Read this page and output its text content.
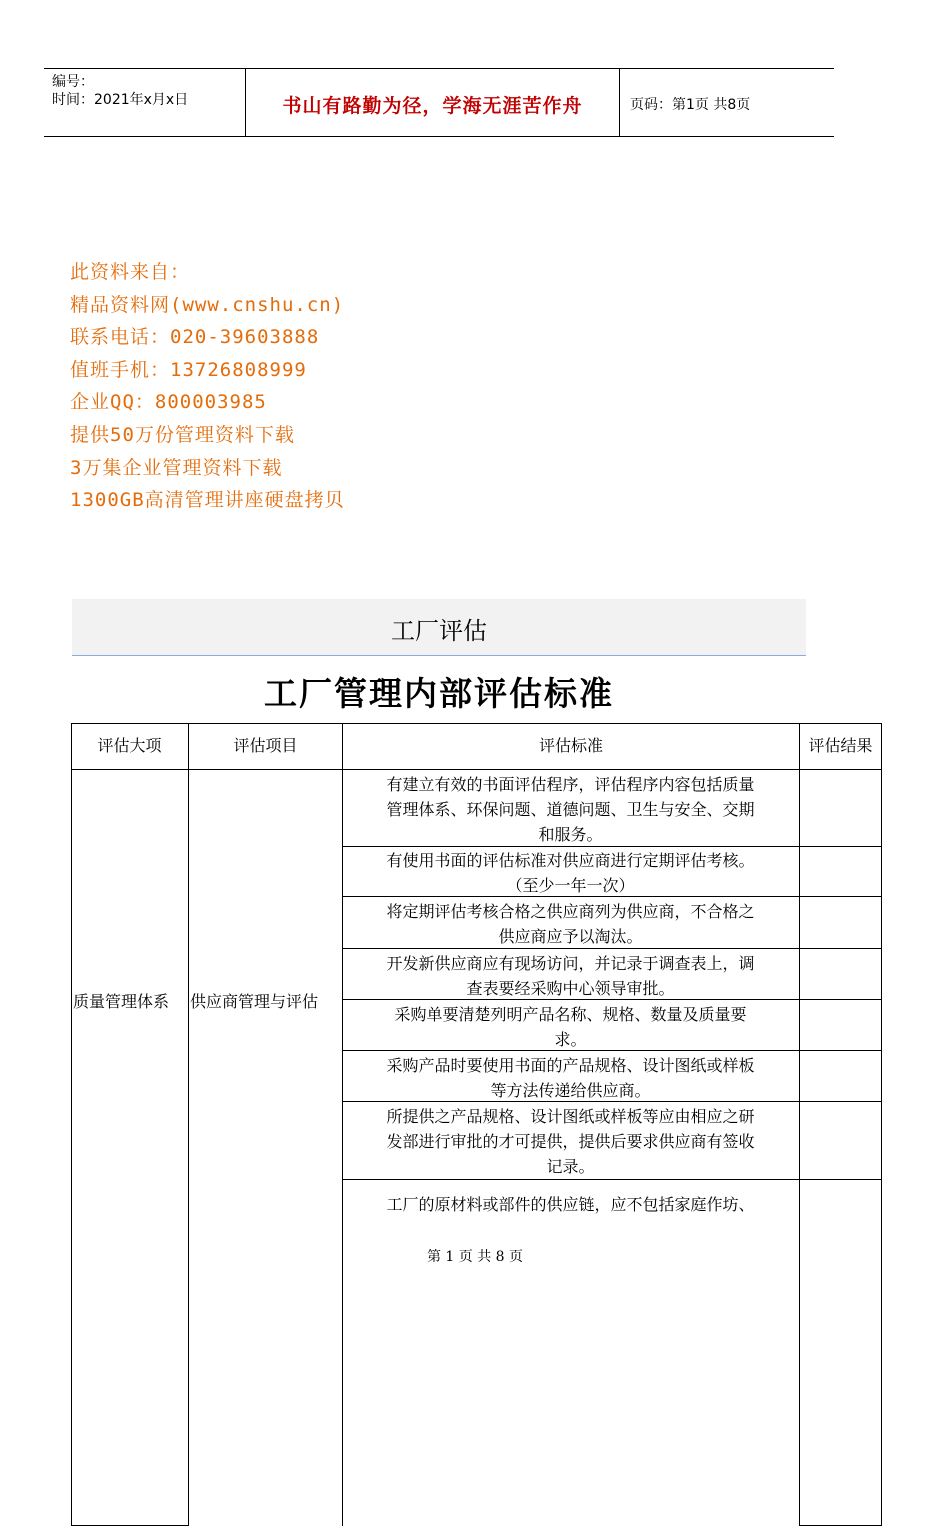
编号：
时间：2021年x月x日	书山有路勤为径，学海无涯苦作舟	页码：第1页 共8页
此资料来自：
精品资料网(www.cnshu.cn)
联系电话：020-39603888
值班手机：13726808999
企业QQ：800003985
提供50万份管理资料下载
3万集企业管理资料下载
1300GB高清管理讲座硬盘拷贝
工厂评估
工厂管理内部评估标准
评估大项	评估项目	评估标准	评估结果
质量管理体系 供应商管理与评估
有建立有效的书面评估程序，评估程序内容包括质量
管理体系、环保问题、道德问题、卫生与安全、交期
和服务。
有使用书面的评估标准对供应商进行定期评估考核。
（至少一年一次）
将定期评估考核合格之供应商列为供应商，不合格之
供应商应予以淘汰。
开发新供应商应有现场访问，并记录于调查表上，调
查表要经采购中心领导审批。
采购单要清楚列明产品名称、规格、数量及质量要
求。
采购产品时要使用书面的产品规格、设计图纸或样板
等方法传递给供应商。
所提供之产品规格、设计图纸或样板等应由相应之研
发部进行审批的才可提供，提供后要求供应商有签收
记录。
工厂的原材料或部件的供应链，应不包括家庭作坊、
第 1 页 共 8 页
